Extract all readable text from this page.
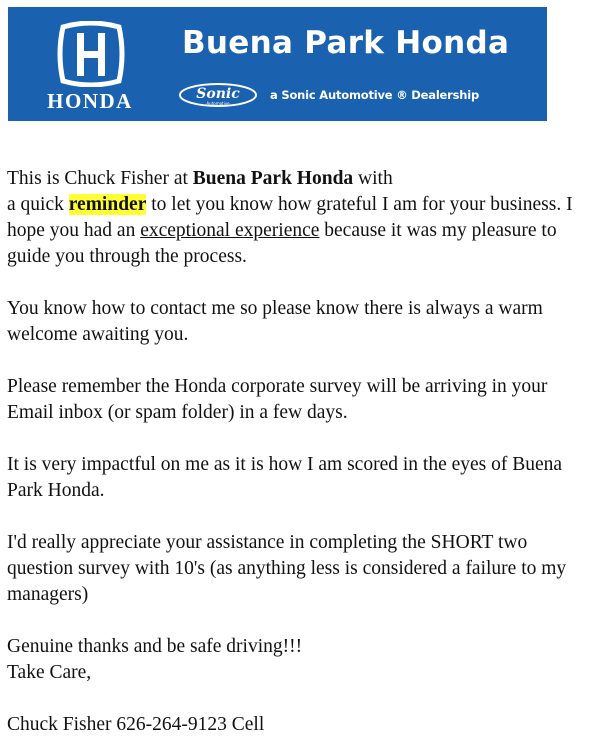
HONDA
Buena Park Honda
Sonic
Automotive
a Sonic Automotive ® Dealership

This is Chuck Fisher at Buena Park Honda with
a quick reminder to let you know how grateful I am for your business. I hope you had an exceptional experience because it was my pleasure to guide you through the process.

You know how to contact me so please know there is always a warm welcome awaiting you.

Please remember the Honda corporate survey will be arriving in your Email inbox (or spam folder) in a few days.

It is very impactful on me as it is how I am scored in the eyes of Buena Park Honda.

I'd really appreciate your assistance in completing the SHORT two question survey with 10's (as anything less is considered a failure to my managers)

Genuine thanks and be safe driving!!!

Take Care,

Chuck Fisher 626-264-9123 Cell
